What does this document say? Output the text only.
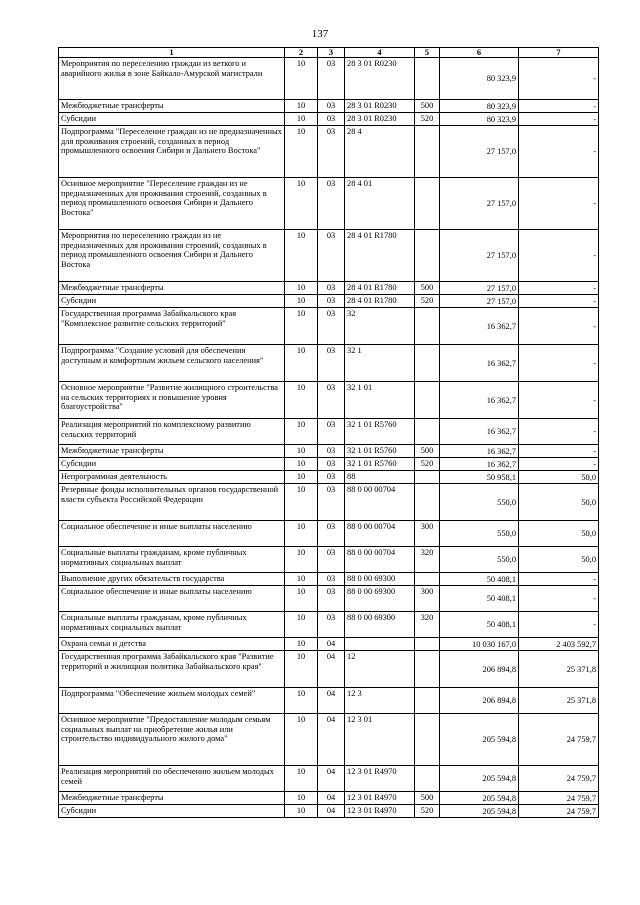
137
1	2	3	4	5	6	7
Мероприятия по переселению граждан из веткого и аварийного жилья в зоне Байкало-Амурской магистрали	10	03	28 3 01 R0230		80 323,9	-
Межбюджетные трансферты	10	03	28 3 01 R0230	500	80 323,9	-
Субсидии	10	03	28 3 01 R0230	520	80 323,9	-
Подпрограмма "Переселение граждан из не предназначенных для проживания строений, созданных в период промышленного освоения Сибири и Дальнего Востока"	10	03	28 4		27 157,0	-
Основное мероприятие "Переселение граждан из не предназначенных для проживания строений, созданных в период промышленного освоения Сибири и Дальнего Востока"	10	03	28 4 01		27 157,0	-
Мероприятия по переселению граждан из не предназначенных для проживания строений, созданных в период промышленного освоения Сибири и Дальнего Востока	10	03	28 4 01 R1780		27 157,0	-
Межбюджетные трансферты	10	03	28 4 01 R1780	500	27 157,0	-
Субсидии	10	03	28 4 01 R1780	520	27 157,0	-
Государственная программа Забайкальского края "Комплексное развитие сельских территорий"	10	03	32		16 362,7	-
Подпрограмма "Создание условий для обеспечения доступным и комфортным жильем сельского населения"	10	03	32 1		16 362,7	-
Основное мероприятие "Развитие жилищного строительства на сельских территориях и повышение уровня благоустройства"	10	03	32 1 01		16 362,7	-
Реализация мероприятий по комплексному развитию сельских территорий	10	03	32 1 01 R5760		16 362,7	-
Межбюджетные трансферты	10	03	32 1 01 R5760	500	16 362,7	-
Субсидии	10	03	32 1 01 R5760	520	16 362,7	-
Непрограммная деятельность	10	03	88		50 958,1	50,0
Резервные фонды исполнительных органов государственной власти субъекта Российской Федерации	10	03	88 0 00 00704		550,0	50,0
Социальное обеспечение и иные выплаты населению	10	03	88 0 00 00704	300	550,0	50,0
Социальные выплаты гражданам, кроме публичных нормативных социальных выплат	10	03	88 0 00 00704	320	550,0	50,0
Выполнение других обязательств государства	10	03	88 0 00 69300		50 408,1	-
Социальное обеспечение и иные выплаты населению	10	03	88 0 00 69300	300	50 408,1	-
Социальные выплаты гражданам, кроме публичных нормативных социальных выплат	10	03	88 0 00 69300	320	50 408,1	-
Охрана семьи и детства	10	04			10 030 167,0	2 403 592,7
Государственная программа Забайкальского края "Развитие территорий и жилищная политика Забайкальского края"	10	04	12		206 894,8	25 371,8
Подпрограмма "Обеспечение жильем молодых семей"	10	04	12 3		206 894,8	25 371,8
Основное мероприятие "Предоставление молодым семьям социальных выплат на приобретение жилья или строительство индивидуального жилого дома"	10	04	12 3 01		205 594,8	24 759,7
Реализация мероприятий по обеспечению жильем молодых семей	10	04	12 3 01 R4970		205 594,8	24 759,7
Межбюджетные трансферты	10	04	12 3 01 R4970	500	205 594,8	24 759,7
Субсидии	10	04	12 3 01 R4970	520	205 594,8	24 759,7
